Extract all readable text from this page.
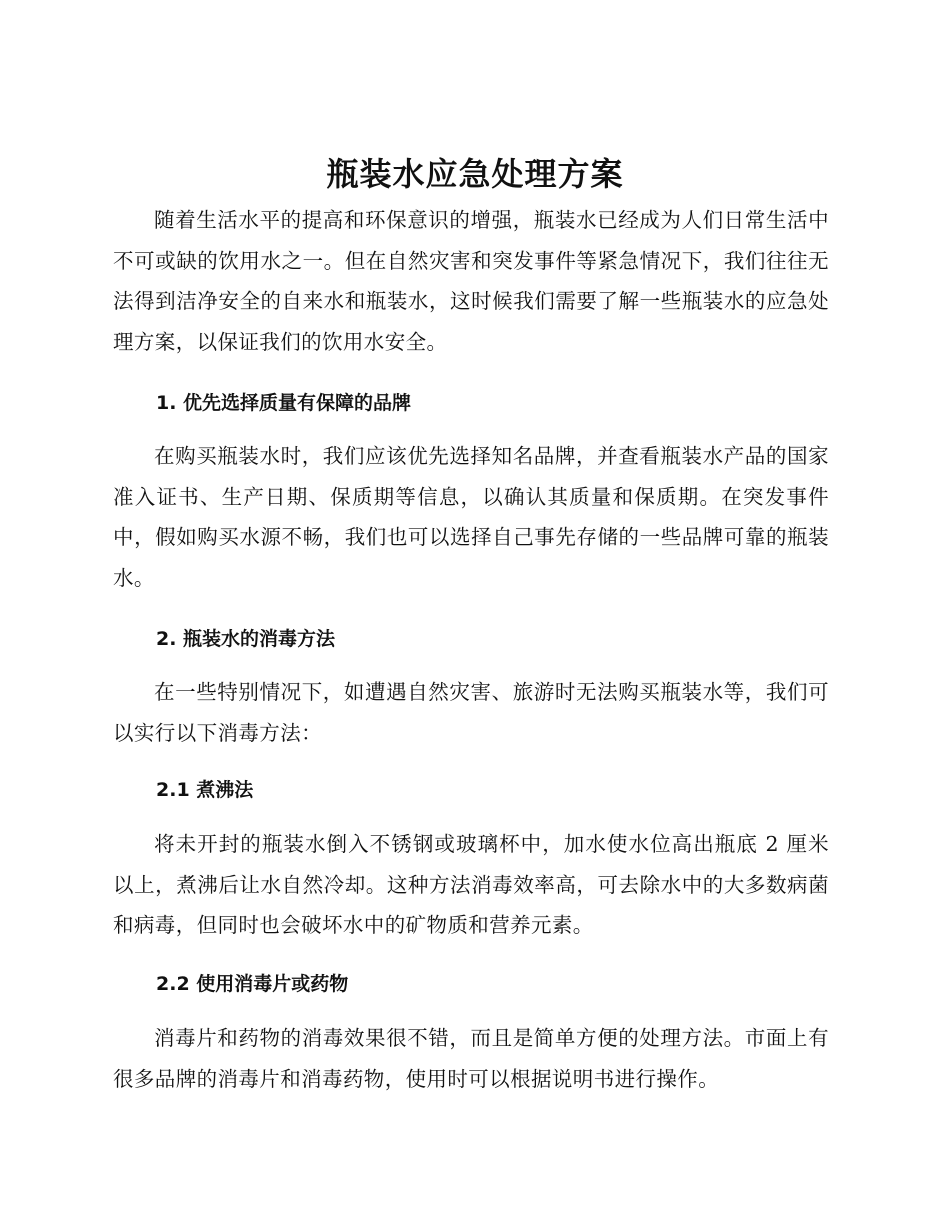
瓶装水应急处理方案

随着生活水平的提高和环保意识的增强，瓶装水已经成为人们日常生活中不可或缺的饮用水之一。但在自然灾害和突发事件等紧急情况下，我们往往无法得到洁净安全的自来水和瓶装水，这时候我们需要了解一些瓶装水的应急处理方案，以保证我们的饮用水安全。

1. 优先选择质量有保障的品牌

在购买瓶装水时，我们应该优先选择知名品牌，并查看瓶装水产品的国家准入证书、生产日期、保质期等信息，以确认其质量和保质期。在突发事件中，假如购买水源不畅，我们也可以选择自己事先存储的一些品牌可靠的瓶装水。

2. 瓶装水的消毒方法

在一些特别情况下，如遭遇自然灾害、旅游时无法购买瓶装水等，我们可以实行以下消毒方法：

2.1 煮沸法

将未开封的瓶装水倒入不锈钢或玻璃杯中，加水使水位高出瓶底 2 厘米以上，煮沸后让水自然冷却。这种方法消毒效率高，可去除水中的大多数病菌和病毒，但同时也会破坏水中的矿物质和营养元素。

2.2 使用消毒片或药物

消毒片和药物的消毒效果很不错，而且是简单方便的处理方法。市面上有很多品牌的消毒片和消毒药物，使用时可以根据说明书进行操作。
